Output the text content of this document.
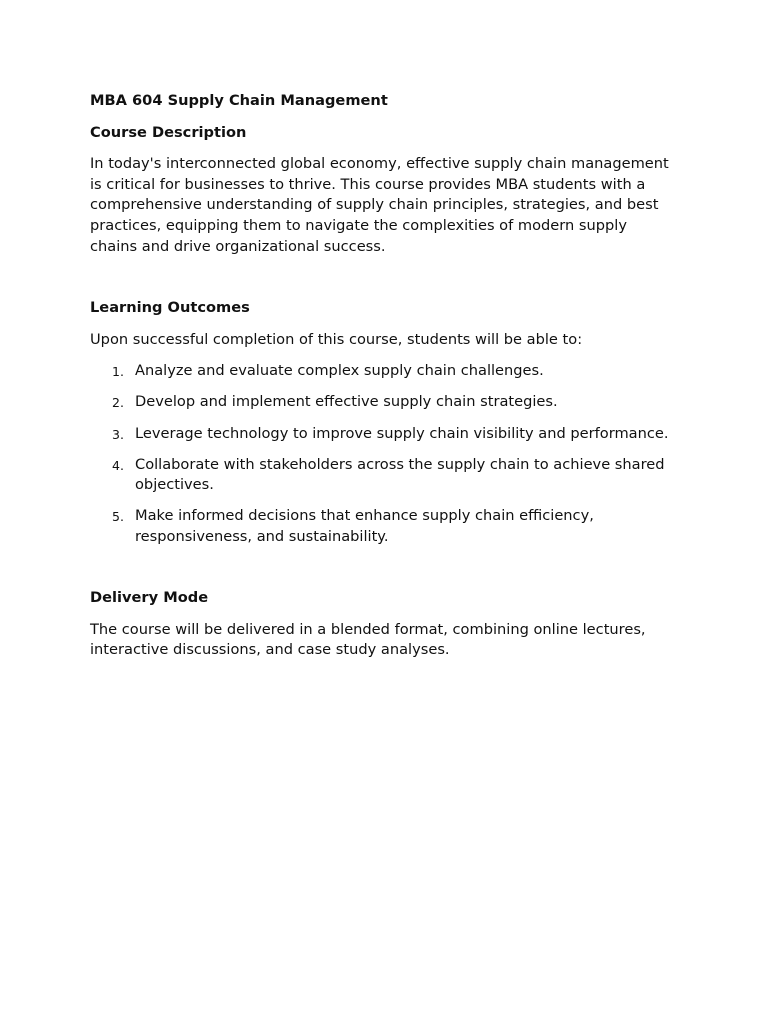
MBA 604 Supply Chain Management
Course Description

In today's interconnected global economy, effective supply chain management is critical for businesses to thrive. This course provides MBA students with a comprehensive understanding of supply chain principles, strategies, and best practices, equipping them to navigate the complexities of modern supply chains and drive organizational success.

Learning Outcomes

Upon successful completion of this course, students will be able to:

1. Analyze and evaluate complex supply chain challenges.
2. Develop and implement effective supply chain strategies.
3. Leverage technology to improve supply chain visibility and performance.
4. Collaborate with stakeholders across the supply chain to achieve shared objectives.
5. Make informed decisions that enhance supply chain efficiency, responsiveness, and sustainability.
Delivery Mode

The course will be delivered in a blended format, combining online lectures, interactive discussions, and case study analyses.
